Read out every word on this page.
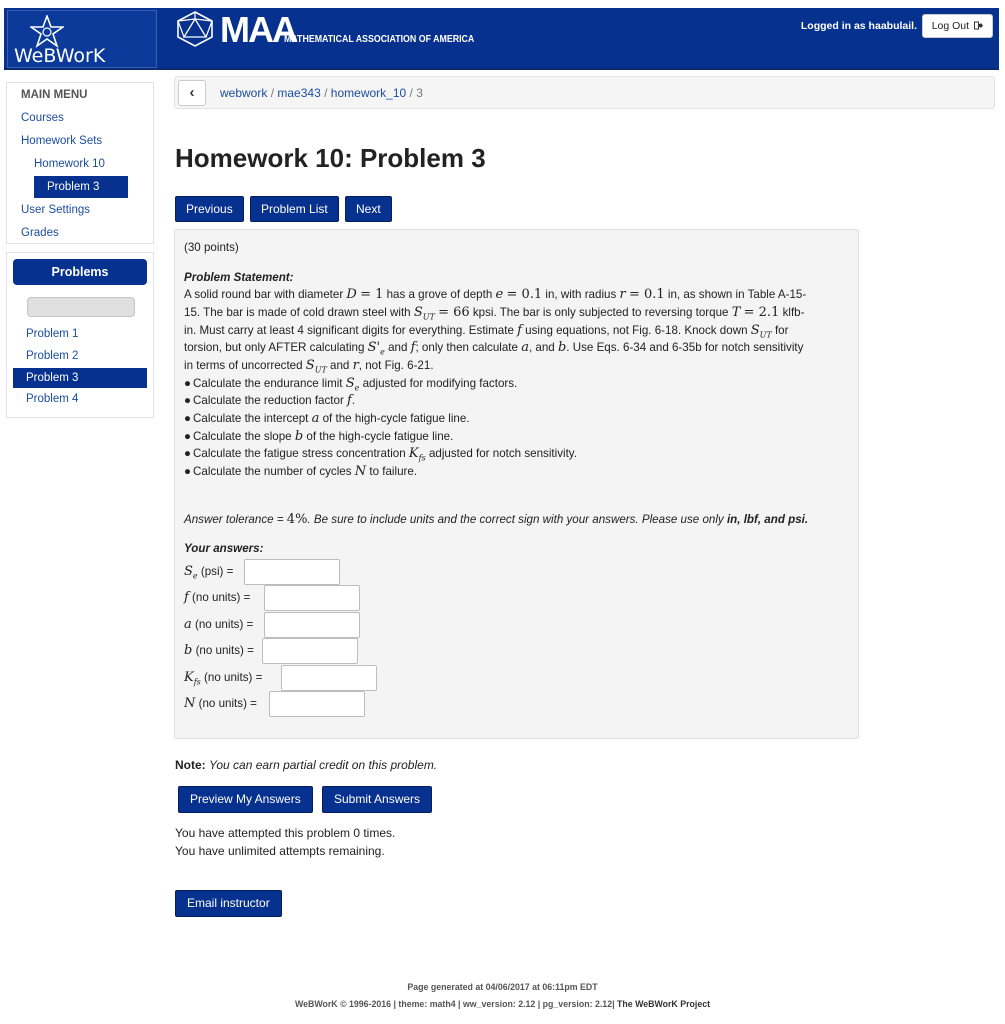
WeBWorK
MAA
MATHEMATICAL ASSOCIATION OF AMERICA
Logged in as haabulail.	Log Out
MAIN MENU
Courses
Homework Sets
Homework 10
Problem 3
User Settings
Grades
Problems
Problem 1
Problem 2
Problem 3
Problem 4
‹	webwork / mae343 / homework_10 / 3
Homework 10: Problem 3
Previous	Problem List	Next
(30 points)
Problem Statement:
A solid round bar with diameter D = 1 has a grove of depth e = 0.1 in, with radius r = 0.1 in, as shown in Table A-15-
15. The bar is made of cold drawn steel with $S_{UT} = 66$ kpsi. The bar is only subjected to reversing torque T = 2.1 klfb-
in. Must carry at least 4 significant digits for everything. Estimate f using equations, not Fig. 6-18. Knock down $S_{UT}$ for
torsion, but only AFTER calculating $S'_e$ and f; only then calculate a, and b. Use Eqs. 6-34 and 6-35b for notch sensitivity
in terms of uncorrected $S_{UT}$ and r, not Fig. 6-21.
● Calculate the endurance limit $S_e$ adjusted for modifying factors.
● Calculate the reduction factor f.
● Calculate the intercept a of the high-cycle fatigue line.
● Calculate the slope b of the high-cycle fatigue line.
● Calculate the fatigue stress concentration $K_{fs}$ adjusted for notch sensitivity.
● Calculate the number of cycles N to failure.
Answer tolerance = 4%. Be sure to include units and the correct sign with your answers. Please use only in, lbf, and psi.
Your answers:
$S_e$ (psi) =
f (no units) =
a (no units) =
b (no units) =
$K_{fs}$ (no units) =
N (no units) =
Note: You can earn partial credit on this problem.
Preview My Answers	Submit Answers
You have attempted this problem 0 times.
You have unlimited attempts remaining.
Email instructor
Page generated at 04/06/2017 at 06:11pm EDT
WeBWorK © 1996-2016 | theme: math4 | ww_version: 2.12 | pg_version: 2.12| The WeBWorK Project
